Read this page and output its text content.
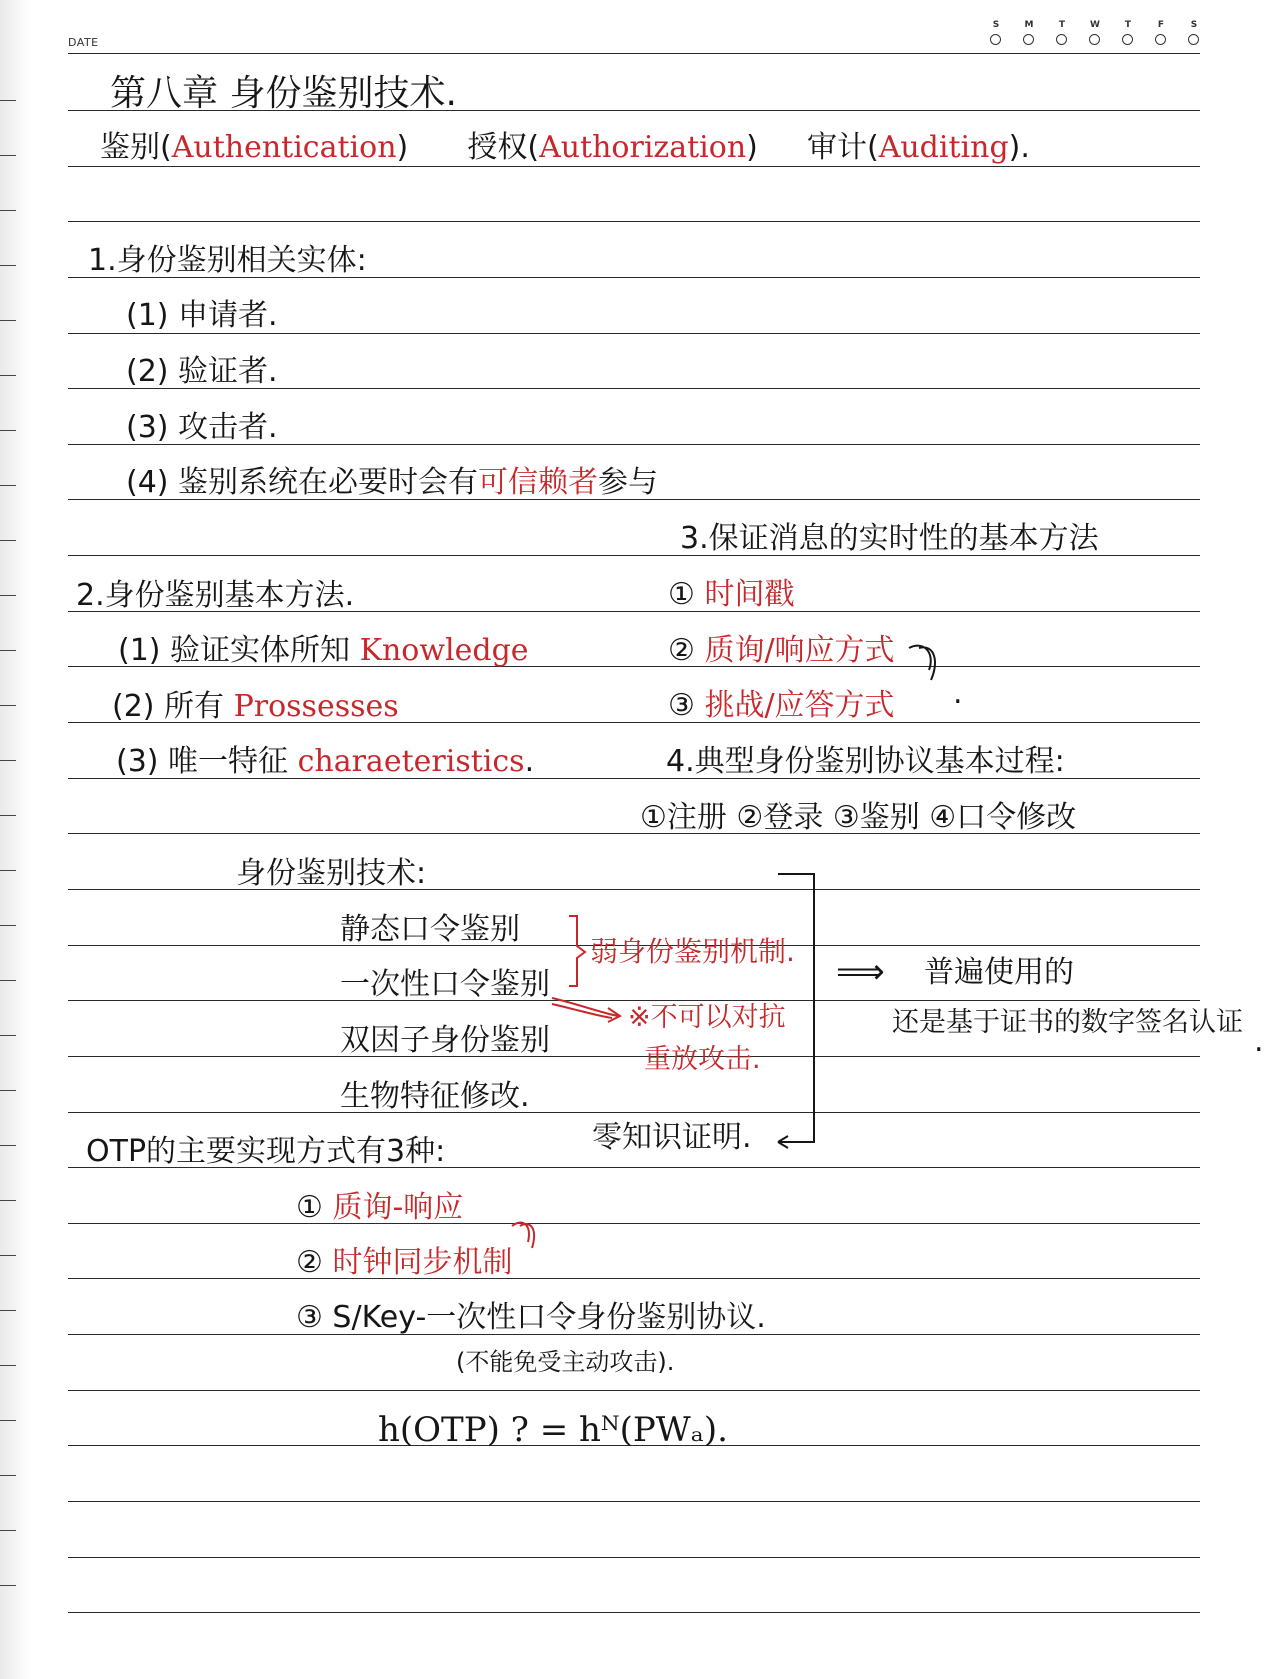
DATE
S	M	T	W	T	F	S
第八章 身份鉴别技术.
鉴别(Authentication) 授权(Authorization) 审计(Auditing).
1.身份鉴别相关实体:
(1) 申请者.
(2) 验证者.
(3) 攻击者.
(4) 鉴别系统在必要时会有可信赖者参与
3.保证消息的实时性的基本方法
① 时间戳
② 质询/响应方式
③ 挑战/应答方式 .
2.身份鉴别基本方法.
(1) 验证实体所知 Knowledge
(2) 所有 Prossesses
(3) 唯一特征 charaeteristics.	4.典型身份鉴别协议基本过程:
①注册 ②登录 ③鉴别 ④口令修改
身份鉴别技术:
静态口令鉴别
一次性口令鉴别
双因子身份鉴别
生物特征修改.
零知识证明.
弱身份鉴别机制.
※不可以对抗
重放攻击.
⟹ 普遍使用的
还是基于证书的数字签名认证
.
OTP的主要实现方式有3种:
① 质询-响应
② 时钟同步机制
③ S/Key-一次性口令身份鉴别协议.
(不能免受主动攻击).
h(OTP) ? = hᴺ(PWₐ).
